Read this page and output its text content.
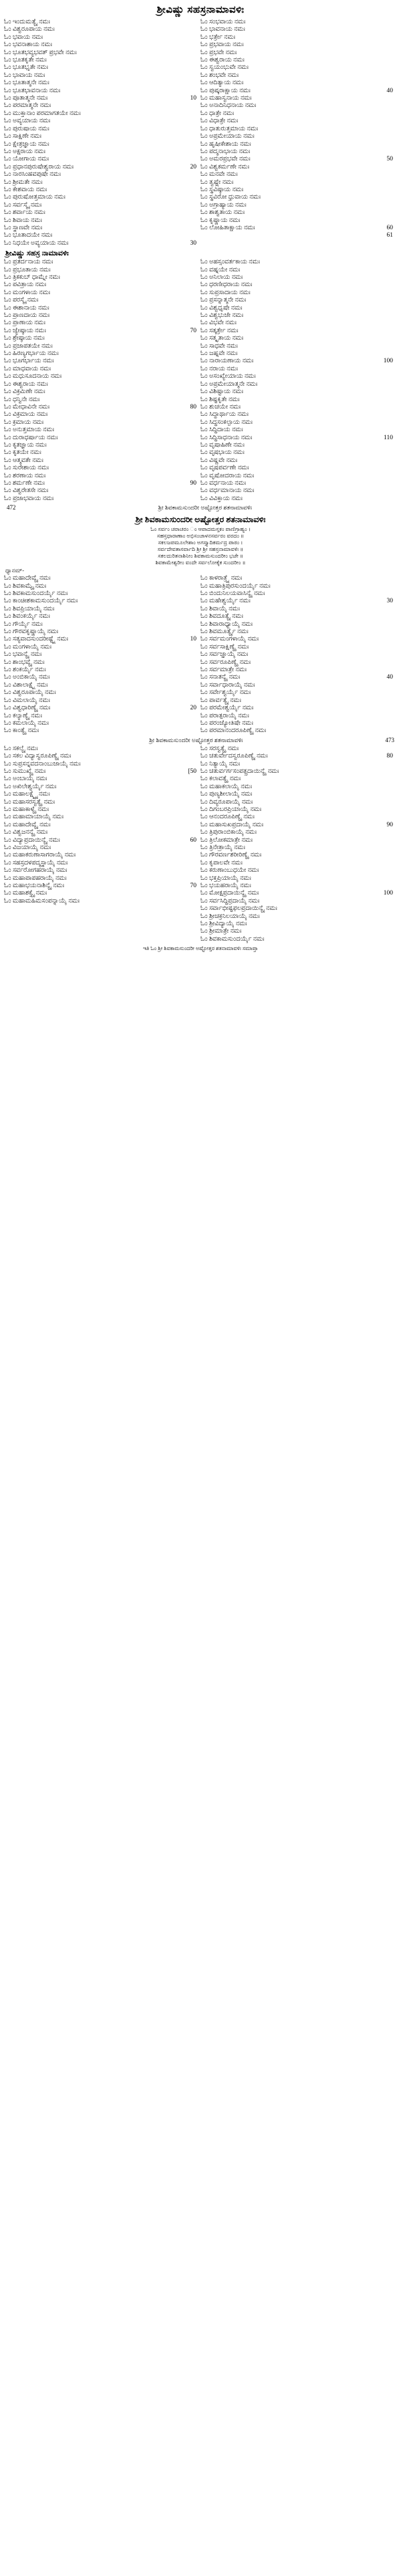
ಶ್ರೀವಿಷ್ಣು ಸಹಸ್ರನಾಮಾವಳಿಃ
ಓಂ ಇಂದುಮತ್ಯೈ ನಮಃ
ಓಂ ವಿಶ್ವರೂಪಾಯ ನಮಃ
ಓಂ ಭವಾಯ ನಮಃ
ಓಂ ಭವನಾಶಾಯ ನಮಃ
ಓಂ ಭೂತಭವ್ಯಭವತ್ ಪ್ರಭವೇ ನಮಃ
ಓಂ ಭೂತಕೃತೇ ನಮಃ
ಓಂ ಭೂತಭೃತೇ ನಮಃ
ಓಂ ಭಾವಾಯ ನಮಃ
ಓಂ ಭೂತಾತ್ಮನೇ ನಮಃ
ಓಂ ಭೂತಭಾವನಾಯ ನಮಃ
ಓಂ ಪೂತಾತ್ಮನೇ ನಮಃ	10
ಓಂ ಪರಮಾತ್ಮನೇ ನಮಃ
ಓಂ ಮುಕ್ತಾನಾಂ ಪರಮಾಗತಯೇ ನಮಃ
ಓಂ ಅವ್ಯಯಾಯ ನಮಃ
ಓಂ ಪುರುಷಾಯ ನಮಃ
ಓಂ ಸಾಕ್ಷಿಣೇ ನಮಃ
ಓಂ ಕ್ಷೇತ್ರಜ್ಞಾಯ ನಮಃ
ಓಂ ಅಕ್ಷರಾಯ ನಮಃ
ಓಂ ಯೋಗಾಯ ನಮಃ
ಓಂ ಪ್ರಧಾನಪುರುಷೇಶ್ವರಾಯ ನಮಃ	20
ಓಂ ನಾರಸಿಂಹವಪುಷೇ ನಮಃ
ಓಂ ಶ್ರೀಮತೇ ನಮಃ
ಓಂ ಕೇಶವಾಯ ನಮಃ
ಓಂ ಪುರುಷೋತ್ತಮಾಯ ನಮಃ
ಓಂ ಸರ್ವಸ್ಮೈ ನಮಃ
ಓಂ ಶರ್ವಾಯ ನಮಃ
ಓಂ ಶಿವಾಯ ನಮಃ
ಓಂ ಸ್ಥಾಣವೇ ನಮಃ
ಓಂ ಭೂತಾದಯೇ ನಮಃ
ಓಂ ನಿಧಯೇ ಅವ್ಯಯಾಯ ನಮಃ	30
ಓಂ ಸಂಭವಾಯ ನಮಃ
ಓಂ ಭಾವನಾಯ ನಮಃ
ಓಂ ಭರ್ತ್ರೇ ನಮಃ
ಓಂ ಪ್ರಭವಾಯ ನಮಃ
ಓಂ ಪ್ರಭವೇ ನಮಃ
ಓಂ ಈಶ್ವರಾಯ ನಮಃ
ಓಂ ಸ್ವಯಂಭುವೇ ನಮಃ
ಓಂ ಶಂಭವೇ ನಮಃ
ಓಂ ಆದಿತ್ಯಾಯ ನಮಃ
ಓಂ ಪುಷ್ಕರಾಕ್ಷಾಯ ನಮಃ	40
ಓಂ ಮಹಾಸ್ವನಾಯ ನಮಃ
ಓಂ ಅನಾದಿನಿಧನಾಯ ನಮಃ
ಓಂ ಧಾತ್ರೇ ನಮಃ
ಓಂ ವಿಧಾತ್ರೇ ನಮಃ
ಓಂ ಧಾತುರುತ್ತಮಾಯ ನಮಃ
ಓಂ ಅಪ್ರಮೇಯಾಯ ನಮಃ
ಓಂ ಹೃಷೀಕೇಶಾಯ ನಮಃ
ಓಂ ಪದ್ಮನಾಭಾಯ ನಮಃ
ಓಂ ಅಮರಪ್ರಭವೇ ನಮಃ	50
ಓಂ ವಿಶ್ವಕರ್ಮಣೇ ನಮಃ
ಓಂ ಮನವೇ ನಮಃ
ಓಂ ತ್ವಷ್ಟ್ರೇ ನಮಃ
ಓಂ ಸ್ಥವಿಷ್ಠಾಯ ನಮಃ
ಓಂ ಸ್ಥವಿರೋ ಧ್ರುವಾಯ ನಮಃ
ಓಂ ಅಗ್ರಾಹ್ಯಾಯ ನಮಃ
ಓಂ ಶಾಶ್ವತಾಯ ನಮಃ
ಓಂ ಕೃಷ್ಣಾಯ ನಮಃ
ಓಂ ಲೋಹಿತಾಕ್ಷಾಯ ನಮಃ	60
61
ಶ್ರೀವಿಷ್ಣು ಸಹಸ್ರ ನಾಮಾವಳಿಃ
ಓಂ ಪ್ರತರ್ದನಾಯ ನಮಃ
ಓಂ ಪ್ರಭೂತಾಯ ನಮಃ
ಓಂ ತ್ರಿಕಕುಬ್ ಧಾಮ್ನೇ ನಮಃ
ಓಂ ಪವಿತ್ರಾಯ ನಮಃ
ಓಂ ಮಂಗಳಾಯ ನಮಃ
ಓಂ ಪರಸ್ಮೈ ನಮಃ
ಓಂ ಈಶಾನಾಯ ನಮಃ
ಓಂ ಪ್ರಾಣದಾಯ ನಮಃ
ಓಂ ಪ್ರಾಣಾಯ ನಮಃ
ಓಂ ಜ್ಯೇಷ್ಠಾಯ ನಮಃ	70
ಓಂ ಶ್ರೇಷ್ಠಾಯ ನಮಃ
ಓಂ ಪ್ರಜಾಪತಯೇ ನಮಃ
ಓಂ ಹಿರಣ್ಯಗರ್ಭಾಯ ನಮಃ
ಓಂ ಭೂಗರ್ಭಾಯ ನಮಃ
ಓಂ ಮಾಧವಾಯ ನಮಃ
ಓಂ ಮಧುಸೂದನಾಯ ನಮಃ
ಓಂ ಈಶ್ವರಾಯ ನಮಃ
ಓಂ ವಿಕ್ರಮಿಣೇ ನಮಃ
ಓಂ ಧನ್ವಿನೇ ನಮಃ
ಓಂ ಮೇಧಾವಿನೇ ನಮಃ	80
ಓಂ ವಿಕ್ರಮಾಯ ನಮಃ
ಓಂ ಕ್ರಮಾಯ ನಮಃ
ಓಂ ಅನುತ್ತಮಾಯ ನಮಃ
ಓಂ ದುರಾಧರ್ಷಾಯ ನಮಃ
ಓಂ ಕೃತಜ್ಞಾಯ ನಮಃ
ಓಂ ಕೃತಯೇ ನಮಃ
ಓಂ ಆತ್ಮವತೇ ನಮಃ
ಓಂ ಸುರೇಶಾಯ ನಮಃ
ಓಂ ಶರಣಾಯ ನಮಃ
ಓಂ ಶರ್ಮಣೇ ನಮಃ	90
ಓಂ ವಿಶ್ವರೇತಸೇ ನಮಃ
ಓಂ ಪ್ರಜಾಭವಾಯ ನಮಃ
ಓಂ ಅಹಸ್ಸಂವರ್ತಕಾಯ ನಮಃ
ಓಂ ವಹ್ನಯೇ ನಮಃ
ಓಂ ಅನಿಲಾಯ ನಮಃ
ಓಂ ಧರಣೀಧರಾಯ ನಮಃ
ಓಂ ಸುಪ್ರಸಾದಾಯ ನಮಃ
ಓಂ ಪ್ರಸನ್ನಾತ್ಮನೇ ನಮಃ
ಓಂ ವಿಶ್ವಧೃಷೇ ನಮಃ
ಓಂ ವಿಶ್ವಭುಜೇ ನಮಃ
ಓಂ ವಿಭವೇ ನಮಃ
ಓಂ ಸತ್ಕರ್ತ್ರೇ ನಮಃ
ಓಂ ಸತ್ಕೃತಾಯ ನಮಃ
ಓಂ ಸಾಧವೇ ನಮಃ
ಓಂ ಜಹ್ನವೇ ನಮಃ
ಓಂ ನಾರಾಯಣಾಯ ನಮಃ	100
ಓಂ ನರಾಯ ನಮಃ
ಓಂ ಅಸಂಖ್ಯೇಯಾಯ ನಮಃ
ಓಂ ಅಪ್ರಮೇಯಾತ್ಮನೇ ನಮಃ
ಓಂ ವಿಶಿಷ್ಟಾಯ ನಮಃ
ಓಂ ಶಿಷ್ಟಕೃತೇ ನಮಃ
ಓಂ ಶುಚಯೇ ನಮಃ
ಓಂ ಸಿದ್ಧಾರ್ಥಾಯ ನಮಃ
ಓಂ ಸಿದ್ಧಸಂಕಲ್ಪಾಯ ನಮಃ
ಓಂ ಸಿದ್ಧಿದಾಯ ನಮಃ
ಓಂ ಸಿದ್ಧಿಸಾಧನಾಯ ನಮಃ	110
ಓಂ ವೃಷಾಹಿಣೇ ನಮಃ
ಓಂ ವೃಷಭಾಯ ನಮಃ
ಓಂ ವಿಷ್ಣವೇ ನಮಃ
ಓಂ ವೃಷಪರ್ವಣೇ ನಮಃ
ಓಂ ವೃಷೋದರಾಯ ನಮಃ
ಓಂ ವರ್ಧನಾಯ ನಮಃ
ಓಂ ವರ್ಧಮಾನಾಯ ನಮಃ
ಓಂ ವಿವಿಕ್ತಾಯ ನಮಃ
472	ಶ್ರೀ ಶಿವಕಾಮಸುಂದರೀ ಅಷ್ಟೋತ್ತರ ಶತನಾಮಾವಳಿಃ
ಶ್ರೀ ಶಿವಕಾಮಸುಂದರೀ ಅಷ್ಟೋತ್ತರ ಶತನಾಮಾವಳಿಃ
ಓಂ ಸರ್ವಂ ಚರಾಚರಂ ಂ ಆಪಾದಮಸ್ತಕಂ ಪಾಣಿಗ್ರಾಹ್ಯಂ ।
ಸಹಸ್ರಧಾರಾಣಾಂ ಅಭಿಸಂಚಾಳನಸರ್ವರಂ ವರದಂ ॥
ಸಕಲಜಪಮೂಲೇಶಾಂ ಅಗಸ್ತ್ಯಾದಿಕರ್ಮದ್ರ ಪಾಠಂ ।
ಸರ್ವದೇವತಾಸರ್ವಾದಿ ಶ್ರೀ ಶ್ರೀ ಸಹಸ್ರನಾಮಾವಳಿಃ ॥
ಸಕಲದುರಿತನಾಶಿನೀಂ ಶಿವಕಾಮಸುಂದರೀಂ ಭಜೇ ॥
ಶಿವಕಾಮೇಶ್ವರೀಂ ವಂದೇ ಸರ್ವಲೋಕೈಕ ಸುಂದರೀಂ ॥
ಧ್ಯಾನಮ್-
ಓಂ ಮಹಾದೇವ್ಯೈ ನಮಃ
ಓಂ ಶಿವಕಾಮ್ಯೈ ನಮಃ
ಓಂ ಶಿವಕಾಮಸುಂದರ್ಯೈ ನಮಃ
ಓಂ ಕಾಂಚೀಶಕಾಮಸುಂದರ್ಯೈ ನಮಃ
ಓಂ ಶಿವಪ್ರಿಯಾಯೈ ನಮಃ
ಓಂ ಶಿವಂಕರ್ಯೈ ನಮಃ
ಓಂ ಗೌರ್ಯೈ ನಮಃ
ಓಂ ಗೌರವಕೃಷ್ಣಾಯೈ ನಮಃ
ಓಂ ಸತ್ಯವಾದಸುಂದರೀಷ್ಟ್ಯೈ ನಮಃ	10
ಓಂ ಮಂಗಳಾಯೈ ನಮಃ
ಓಂ ಭವಾನ್ಯೈ ನಮಃ
ಓಂ ಶಾಂಭವ್ಯೈ ನಮಃ
ಓಂ ಶಂಕರ್ಯೈ ನಮಃ
ಓಂ ಅಂಬಿಕಾಯೈ ನಮಃ
ಓಂ ವಿಶಾಲಾಕ್ಷ್ಯೈ ನಮಃ
ಓಂ ವಿಶ್ವರೂಪಾಯೈ ನಮಃ
ಓಂ ವಿಮಲಾಯೈ ನಮಃ
ಓಂ ವಿಶ್ವಧಾರಿಣ್ಯೈ ನಮಃ	20
ಓಂ ಕಲ್ಯಾಣ್ಯೈ ನಮಃ
ಓಂ ಕಮಲಾಯೈ ನಮಃ
ಓಂ ಕಾಂತ್ಯೈ ನಮಃ
ಓಂ ಕಾಳರಾತ್ರ್ಯೈ ನಮಃ
ಓಂ ಮಹಾತ್ರಿಪುರಸುಂದರ್ಯೈ ನಮಃ
ಓಂ ಬಿಂದುನಿಲಯವಾಸಿನ್ಯೈ ನಮಃ
ಓಂ ಮಹೇಶ್ವರ್ಯೈ ನಮಃ	30
ಓಂ ಶಿವಾಯೈ ನಮಃ
ಓಂ ಶಿವದೂತ್ಯೈ ನಮಃ
ಓಂ ಶಿವಾರಾಧ್ಯಾಯೈ ನಮಃ
ಓಂ ಶಿವಮೂರ್ತ್ಯೈ ನಮಃ
ಓಂ ಸರ್ವಮಂಗಳಾಯೈ ನಮಃ
ಓಂ ಸರ್ವಸಾಕ್ಷಿಣ್ಯೈ ನಮಃ
ಓಂ ಸರ್ವಜ್ಞಾಯೈ ನಮಃ
ಓಂ ಸರ್ವರೂಪಿಣ್ಯೈ ನಮಃ
ಓಂ ಸರ್ವಮಾತ್ರೇ ನಮಃ
ಓಂ ಸನಾತನ್ಯೈ ನಮಃ	40
ಓಂ ಸರ್ವಾಧಾರಾಯೈ ನಮಃ
ಓಂ ಸರ್ವೇಶ್ವರ್ಯೈ ನಮಃ
ಓಂ ಪಾರ್ವತ್ಯೈ ನಮಃ
ಓಂ ಪರಮೇಶ್ವರ್ಯೈ ನಮಃ
ಓಂ ಪರಾತ್ಪರಾಯೈ ನಮಃ
ಓಂ ಪರಂಜ್ಯೋತಿಷೇ ನಮಃ
ಓಂ ಪರಮಾನಂದರೂಪಿಣ್ಯೈ ನಮಃ
ಶ್ರೀ ಶಿವಕಾಮಸುಂದರೀ ಅಷ್ಟೋತ್ತರ ಶತನಾಮಾವಳಿಃ	473
ಓಂ ಸಕಲ್ಯೈ ನಮಃ
ಓಂ ಸಕಲ ವಿದ್ಯಾಸ್ವರೂಪಿಣ್ಯೈ ನಮಃ
ಓಂ ಸುಪ್ರಸನ್ನವದನಾಂಬುಜಾಯೈ ನಮಃ
ಓಂ ಸುಮುಖ್ಯೈ ನಮಃ	[50
ಓಂ ಅಂಬಾಯೈ ನಮಃ
ಓಂ ಅಖಿಲೇಶ್ವರ್ಯೈ ನಮಃ
ಓಂ ಮಹಾಲಕ್ಷ್ಮ್ಯೈ ನಮಃ
ಓಂ ಮಹಾಸರಸ್ವತ್ಯೈ ನಮಃ
ಓಂ ಮಹಾಕಾಳ್ಯೈ ನಮಃ
ಓಂ ಮಹಾಮಾಯಾಯೈ ನಮಃ
ಓಂ ಮಹಾದೇವ್ಯೈ ನಮಃ
ಓಂ ವಿಶ್ವಜನನ್ಯೈ ನಮಃ
ಓಂ ವಿದ್ಯಾಪ್ರದಾಯಿನ್ಯೈ ನಮಃ	60
ಓಂ ವಿಜಯಾಯೈ ನಮಃ
ಓಂ ಮಹಾಕರುಣಾಸಾಗರಾಯೈ ನಮಃ
ಓಂ ಸಹಸ್ರದಳಪದ್ಮಸ್ಥಾಯೈ ನಮಃ
ಓಂ ಸರ್ವರೋಗಹರಾಯೈ ನಮಃ
ಓಂ ಮಹಾಪಾಪಹರಾಯೈ ನಮಃ
ಓಂ ಮಹಾಭಯನಾಶಿನ್ಯೈ ನಮಃ	70
ಓಂ ಮಹಾಶಕ್ತ್ಯೈ ನಮಃ
ಓಂ ಮಹಾಮಹಿಮಸಂಪನ್ನಾಯೈ ನಮಃ
ಓಂ ಸರಸ್ವತ್ಯೈ ನಮಃ
ಓಂ ಚತುರ್ವೇದಸ್ವರೂಪಿಣ್ಯೈ ನಮಃ	80
ಓಂ ನಿತ್ಯಾಯೈ ನಮಃ
ಓಂ ಚತುರ್ವರ್ಗಸಂಪತ್ಪ್ರದಾಯಿನ್ಯೈ ನಮಃ
ಓಂ ಕಲಾವತ್ಯೈ ನಮಃ
ಓಂ ಮಹಾಕಲಾಯೈ ನಮಃ
ಓಂ ಪುಣ್ಯಶೀಲಾಯೈ ನಮಃ
ಓಂ ದಿವ್ಯರೂಪಾಯೈ ನಮಃ
ಓಂ ದಿಗಂಬರಪ್ರಿಯಾಯೈ ನಮಃ
ಓಂ ಆನಂದರೂಪಿಣ್ಯೈ ನಮಃ
ಓಂ ಮಹಾಸುಖಪ್ರದಾಯೈ ನಮಃ	90
ಓಂ ತ್ರಿಪುರಾಂಬಿಕಾಯೈ ನಮಃ
ಓಂ ತ್ರಿಲೋಕಮಾತ್ರೇ ನಮಃ
ಓಂ ತ್ರಿನೇತ್ರಾಯೈ ನಮಃ
ಓಂ ಗೌರವರ್ಣಶರೀರಿಣ್ಯೈ ನಮಃ
ಓಂ ಕೃಪಾಲವೇ ನಮಃ
ಓಂ ಕರುಣಾಂಬುಧಯೇ ನಮಃ
ಓಂ ಭಕ್ತಪ್ರಿಯಾಯೈ ನಮಃ
ಓಂ ಭಯಹರಾಯೈ ನಮಃ
ಓಂ ಮೋಕ್ಷಪ್ರದಾಯಿನ್ಯೈ ನಮಃ	100
ಓಂ ಸರ್ವಸಿದ್ಧಿಪ್ರದಾಯೈ ನಮಃ
ಓಂ ಸರ್ವಾಭೀಷ್ಟಫಲಪ್ರದಾಯಿನ್ಯೈ ನಮಃ
ಓಂ ಶ್ರೀಚಕ್ರನಿಲಯಾಯೈ ನಮಃ
ಓಂ ಶ್ರೀವಿದ್ಯಾಯೈ ನಮಃ
ಓಂ ಶ್ರೀಮಾತ್ರೇ ನಮಃ
ಓಂ ಶಿವಕಾಮಸುಂದರ್ಯೈ ನಮಃ
ಇತಿ ಓಂ ಶ್ರೀ ಶಿವಕಾಮಸುಂದರೀ ಅಷ್ಟೋತ್ತರ ಶತನಾಮಾವಳಿಃ ಸಮಾಪ್ತಾ
